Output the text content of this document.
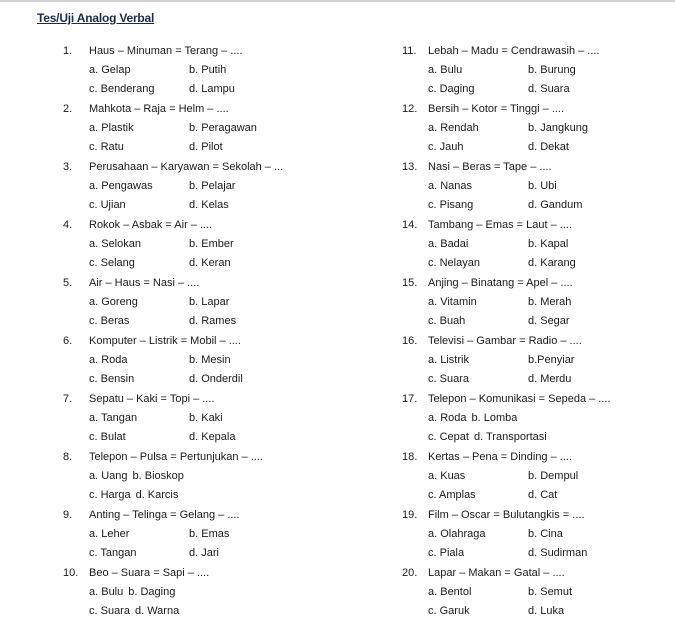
Tes/Uji Analog Verbal
1. Haus – Minuman = Terang – ....
a. Gelap	b. Putih
c. Benderang	d. Lampu
2. Mahkota – Raja = Helm – ....
a. Plastik	b. Peragawan
c. Ratu	d. Pilot
3. Perusahaan – Karyawan = Sekolah – ...
a. Pengawas	b. Pelajar
c. Ujian	d. Kelas
4. Rokok – Asbak = Air – ....
a. Selokan	b. Ember
c. Selang	d. Keran
5. Air – Haus = Nasi – ....
a. Goreng	b. Lapar
c. Beras	d. Rames
6. Komputer – Listrik = Mobil – ....
a. Roda	b. Mesin
c. Bensin	d. Onderdil
7. Sepatu – Kaki = Topi – ....
a. Tangan	b. Kaki
c. Bulat	d. Kepala
8. Telepon – Pulsa = Pertunjukan – ....
a. Uang b. Bioskop
c. Harga d. Karcis
9. Anting – Telinga = Gelang – ....
a. Leher	b. Emas
c. Tangan	d. Jari
10. Beo – Suara = Sapi – ....
a. Bulu b. Daging
c. Suara d. Warna
11. Lebah – Madu = Cendrawasih – ....
a. Bulu	b. Burung
c. Daging	d. Suara
12. Bersih – Kotor = Tinggi – ....
a. Rendah	b. Jangkung
c. Jauh	d. Dekat
13. Nasi – Beras = Tape – ....
a. Nanas	b. Ubi
c. Pisang	d. Gandum
14. Tambang – Emas = Laut – ....
a. Badai	b. Kapal
c. Nelayan	d. Karang
15. Anjing – Binatang = Apel – ....
a. Vitamin	b. Merah
c. Buah	d. Segar
16. Televisi – Gambar = Radio – ....
a. Listrik	b.Penyiar
c. Suara	d. Merdu
17. Telepon – Komunikasi = Sepeda – ....
a. Roda b. Lomba
c. Cepat d. Transportasi
18. Kertas – Pena = Dinding – ....
a. Kuas	b. Dempul
c. Amplas	d. Cat
19. Film – Oscar = Bulutangkis = ....
a. Olahraga	b. Cina
c. Piala	d. Sudirman
20. Lapar – Makan = Gatal – ....
a. Bentol	b. Semut
c. Garuk	d. Luka
